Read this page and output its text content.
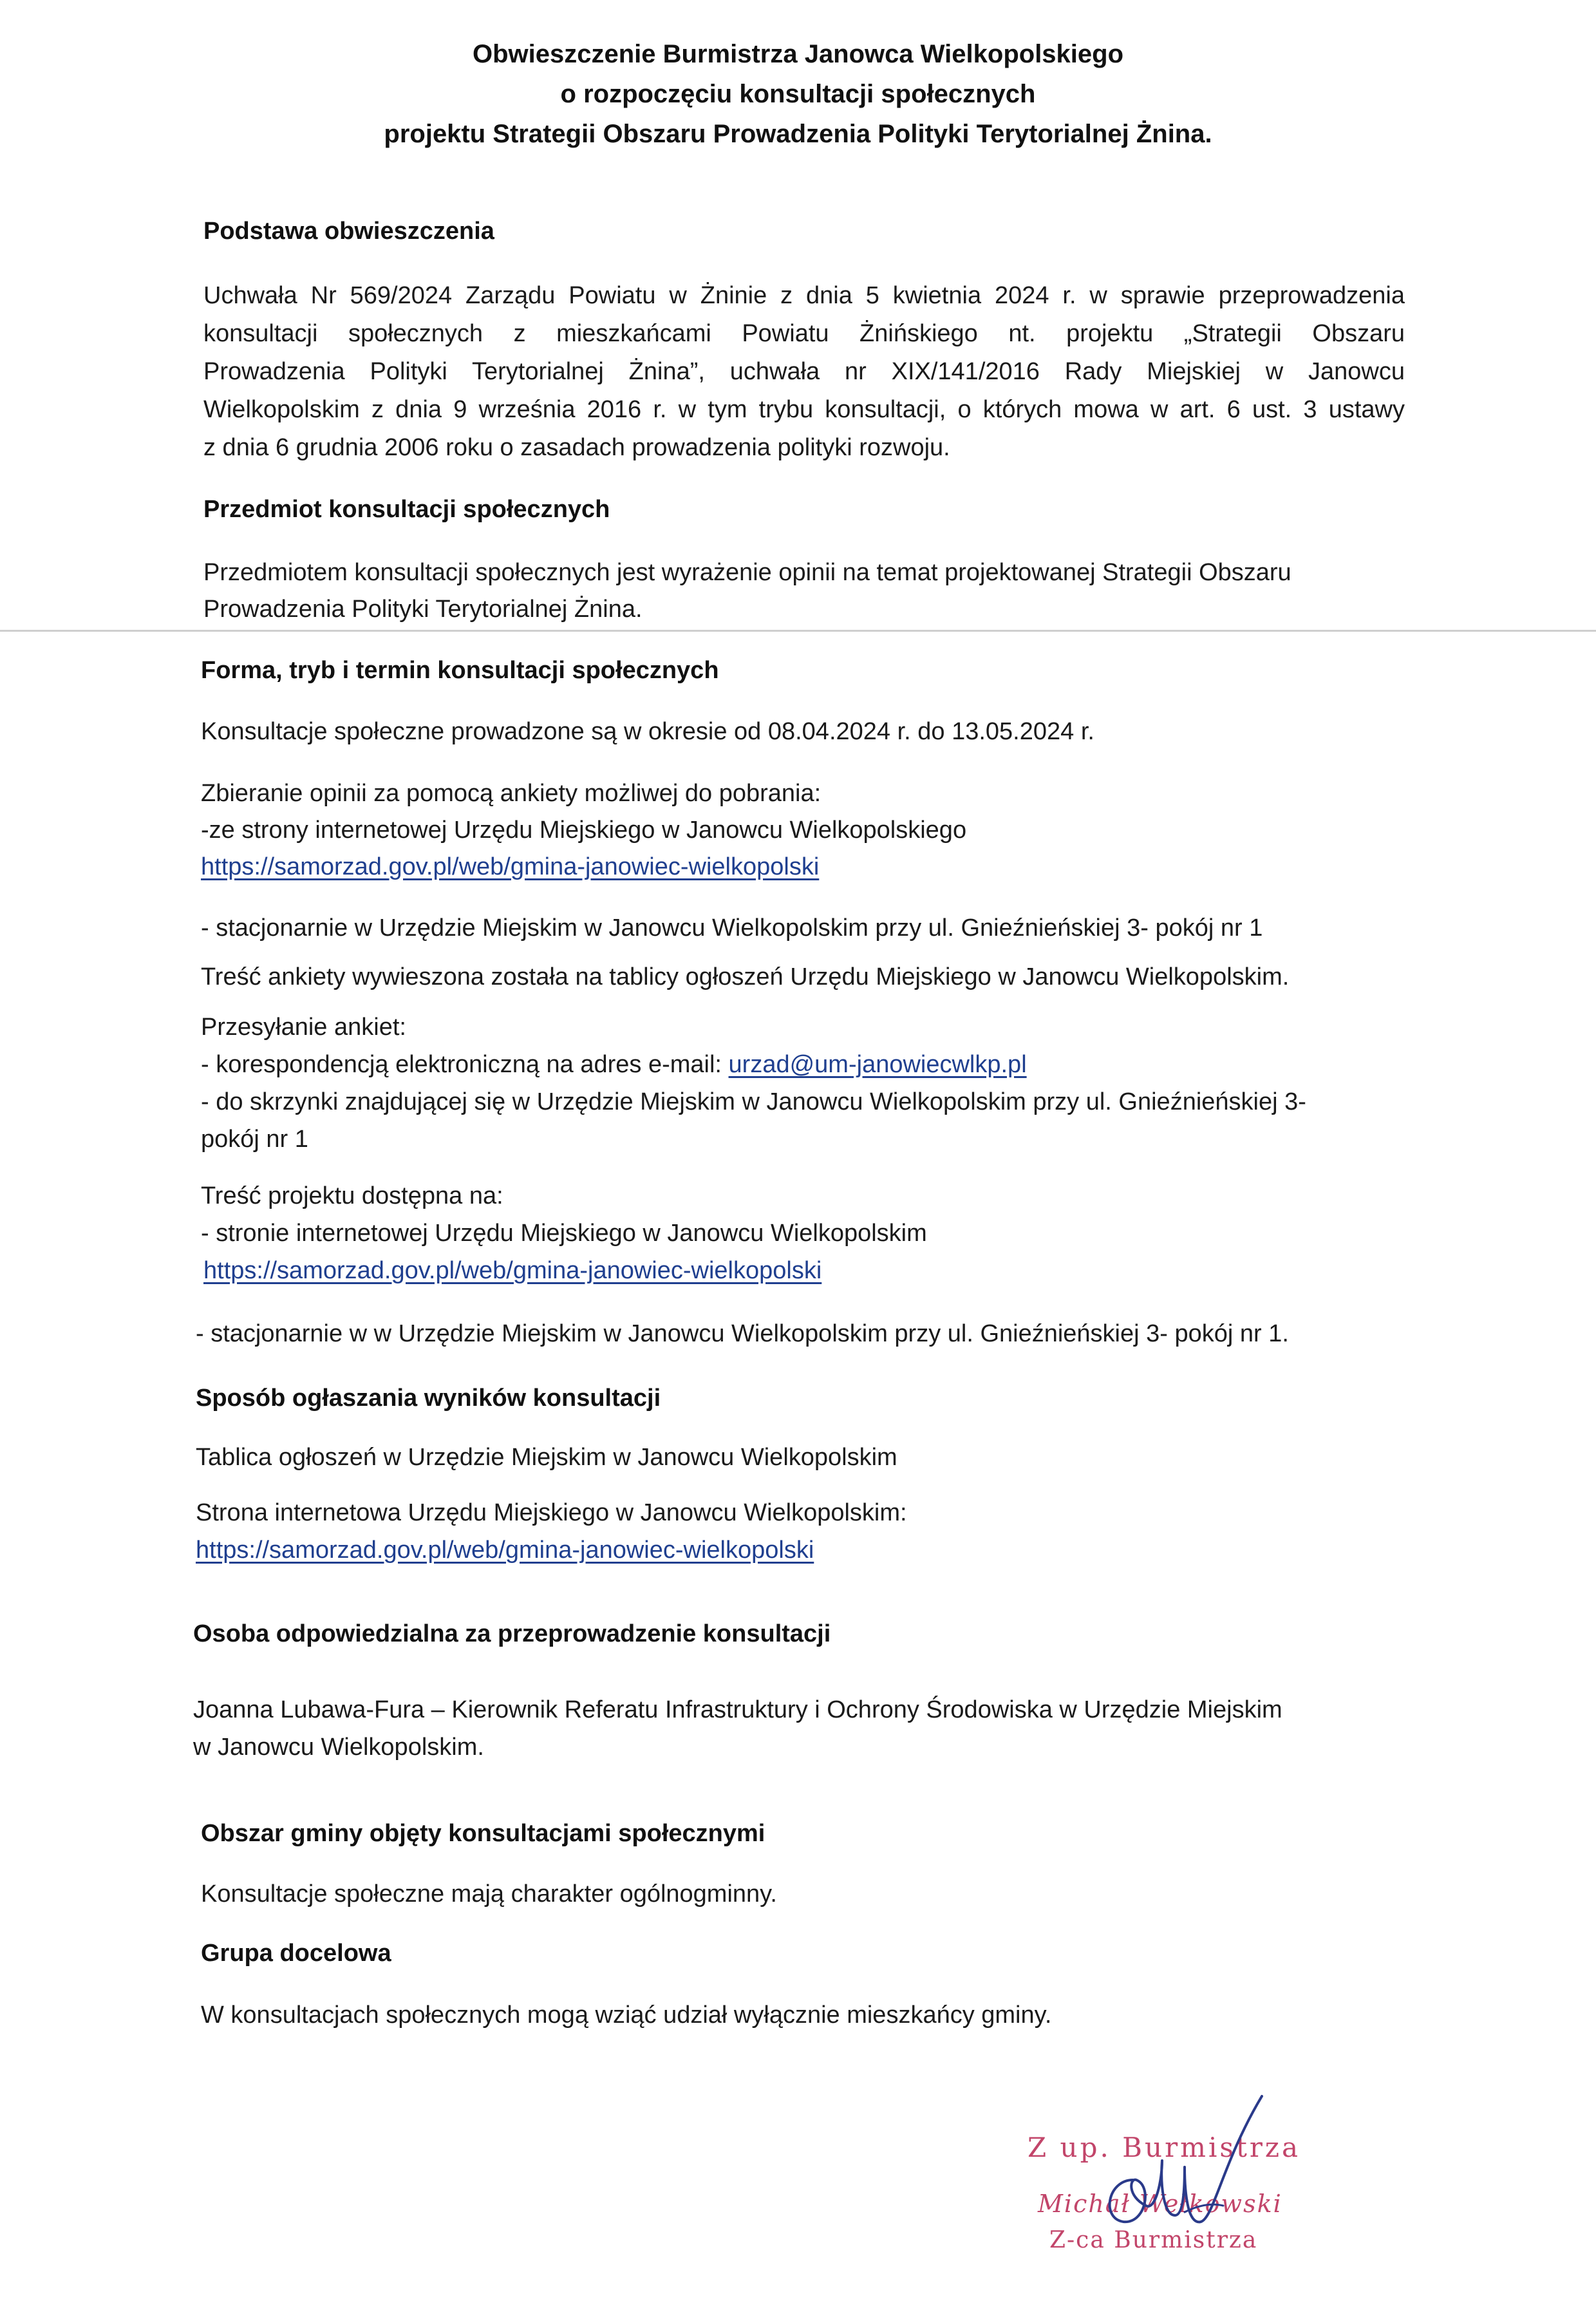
Obwieszczenie Burmistrza Janowca Wielkopolskiego
o rozpoczęciu konsultacji społecznych
projektu Strategii Obszaru Prowadzenia Polityki Terytorialnej Żnina.
Podstawa obwieszczenia
Uchwała Nr 569/2024 Zarządu Powiatu w Żninie z dnia 5 kwietnia 2024 r. w sprawie przeprowadzenia
konsultacji społecznych z mieszkańcami Powiatu Żnińskiego nt. projektu „Strategii Obszaru
Prowadzenia Polityki Terytorialnej Żnina”, uchwała nr XIX/141/2016 Rady Miejskiej w Janowcu
Wielkopolskim z dnia 9 września 2016 r. w tym trybu konsultacji, o których mowa w art. 6 ust. 3 ustawy
z dnia 6 grudnia 2006 roku o zasadach prowadzenia polityki rozwoju.
Przedmiot konsultacji społecznych
Przedmiotem konsultacji społecznych jest wyrażenie opinii na temat projektowanej Strategii Obszaru
Prowadzenia Polityki Terytorialnej Żnina.
Forma, tryb i termin konsultacji społecznych
Konsultacje społeczne prowadzone są w okresie od 08.04.2024 r. do 13.05.2024 r.
Zbieranie opinii za pomocą ankiety możliwej do pobrania:
-ze strony internetowej Urzędu Miejskiego w Janowcu Wielkopolskiego
https://samorzad.gov.pl/web/gmina-janowiec-wielkopolski
- stacjonarnie w Urzędzie Miejskim w Janowcu Wielkopolskim przy ul. Gnieźnieńskiej 3- pokój nr 1
Treść ankiety wywieszona została na tablicy ogłoszeń Urzędu Miejskiego w Janowcu Wielkopolskim.
Przesyłanie ankiet:
- korespondencją elektroniczną na adres e-mail: urzad@um-janowiecwlkp.pl
- do skrzynki znajdującej się w Urzędzie Miejskim w Janowcu Wielkopolskim przy ul. Gnieźnieńskiej 3-
pokój nr 1
Treść projektu dostępna na:
- stronie internetowej Urzędu Miejskiego w Janowcu Wielkopolskim
https://samorzad.gov.pl/web/gmina-janowiec-wielkopolski
- stacjonarnie w w Urzędzie Miejskim w Janowcu Wielkopolskim przy ul. Gnieźnieńskiej 3- pokój nr 1.
Sposób ogłaszania wyników konsultacji
Tablica ogłoszeń w Urzędzie Miejskim w Janowcu Wielkopolskim
Strona internetowa Urzędu Miejskiego w Janowcu Wielkopolskim:
https://samorzad.gov.pl/web/gmina-janowiec-wielkopolski
Osoba odpowiedzialna za przeprowadzenie konsultacji
Joanna Lubawa-Fura – Kierownik Referatu Infrastruktury i Ochrony Środowiska w Urzędzie Miejskim
w Janowcu Wielkopolskim.
Obszar gminy objęty konsultacjami społecznymi
Konsultacje społeczne mają charakter ogólnogminny.
Grupa docelowa
W konsultacjach społecznych mogą wziąć udział wyłącznie mieszkańcy gminy.
Z up. Burmistrza
Michał Wełkowski
Z-ca Burmistrza
